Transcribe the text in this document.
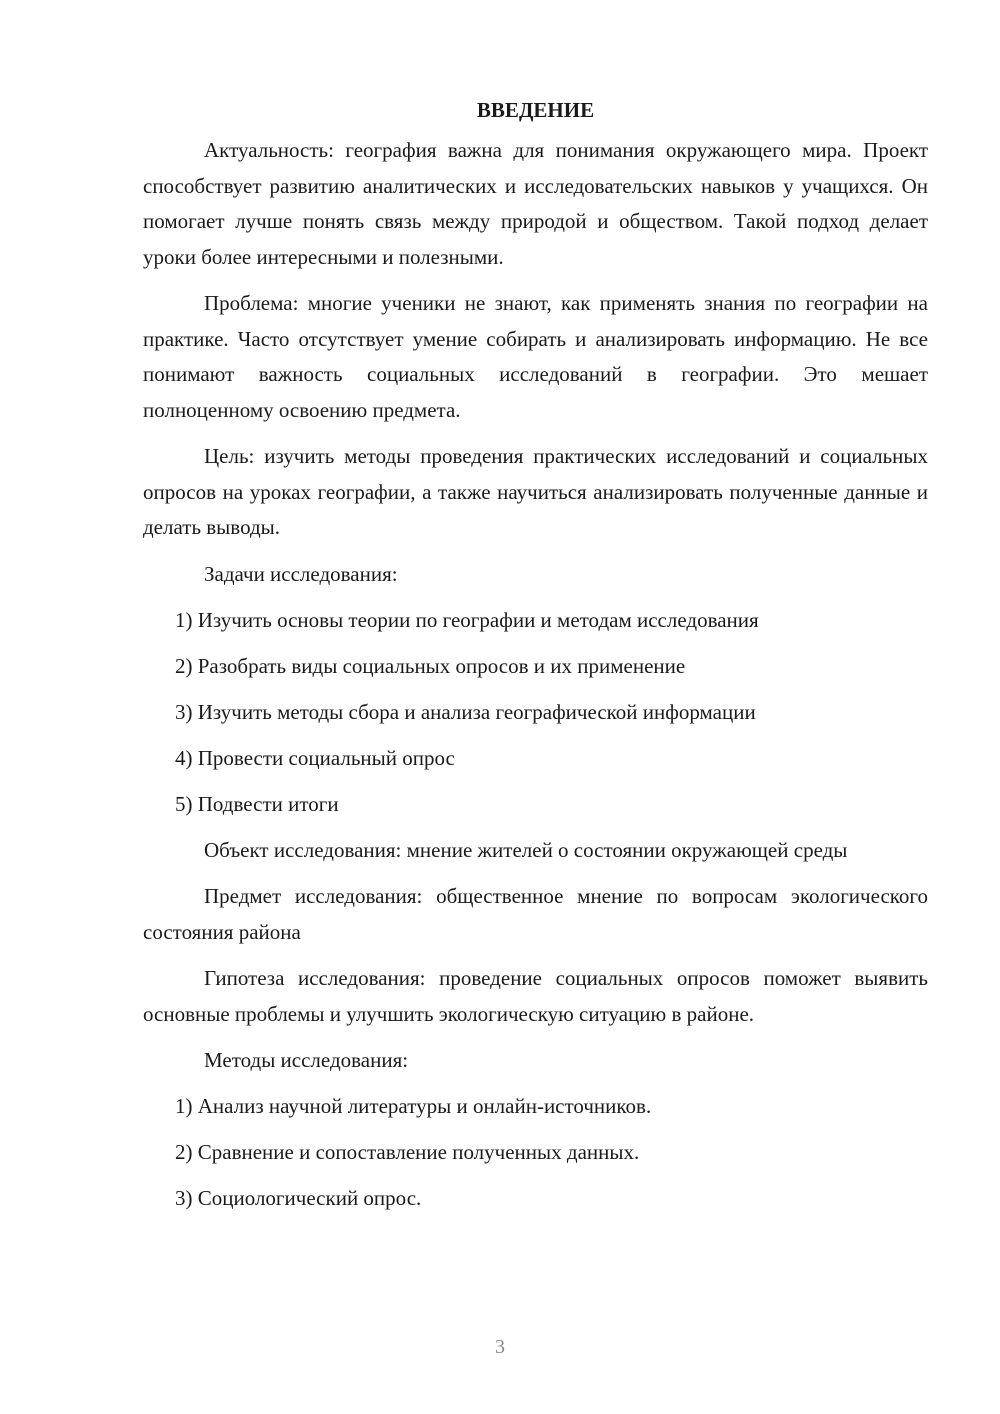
ВВЕДЕНИЕ

Актуальность: география важна для понимания окружающего мира. Проект способствует развитию аналитических и исследовательских навыков у учащихся. Он помогает лучше понять связь между природой и обществом. Такой подход делает уроки более интересными и полезными.

Проблема: многие ученики не знают, как применять знания по географии на практике. Часто отсутствует умение собирать и анализировать информацию. Не все понимают важность социальных исследований в географии. Это мешает полноценному освоению предмета.

Цель: изучить методы проведения практических исследований и социальных опросов на уроках географии, а также научиться анализировать полученные данные и делать выводы.

Задачи исследования:

1) Изучить основы теории по географии и методам исследования

2) Разобрать виды социальных опросов и их применение

3) Изучить методы сбора и анализа географической информации

4) Провести социальный опрос

5) Подвести итоги

Объект исследования: мнение жителей о состоянии окружающей среды

Предмет исследования: общественное мнение по вопросам экологического состояния района

Гипотеза исследования: проведение социальных опросов поможет выявить основные проблемы и улучшить экологическую ситуацию в районе.

Методы исследования:

1) Анализ научной литературы и онлайн-источников.

2) Сравнение и сопоставление полученных данных.

3) Социологический опрос.

3
